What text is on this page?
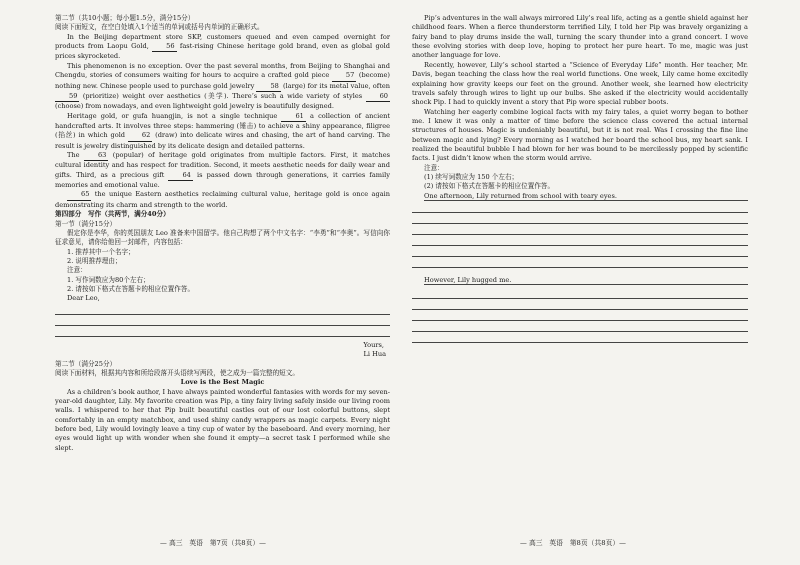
第二节（共10小题；每小题1.5分，满分15分）

阅读下面短文，在空白处填入1个适当的单词或括号内单词的正确形式。

In the Beijing department store SKP, customers queued and even camped overnight for products from Laopu Gold, 56 fast-rising Chinese heritage gold brand, even as global gold prices skyrocketed.

This phenomenon is no exception. Over the past several months, from Beijing to Shanghai and Chengdu, stories of consumers waiting for hours to acquire a crafted gold piece 57 (become) nothing new. Chinese people used to purchase gold jewelry 58 (large) for its metal value, often 59 (prioritize) weight over aesthetics (美学). There’s such a wide variety of styles 60 (choose) from nowadays, and even lightweight gold jewelry is beautifully designed.

Heritage gold, or gufa huangjin, is not a single technique 61 a collection of ancient handcrafted arts. It involves three steps: hammering (锤击) to achieve a shiny appearance, filigree (掐丝) in which gold 62 (draw) into delicate wires and chasing, the art of hand carving. The result is jewelry distinguished by its delicate design and detailed patterns.

The 63 (popular) of heritage gold originates from multiple factors. First, it matches cultural identity and has respect for tradition. Second, it meets aesthetic needs for daily wear and gifts. Third, as a precious gift 64 is passed down through generations, it carries family memories and emotional value.

65 the unique Eastern aesthetics reclaiming cultural value, heritage gold is once again demonstrating its charm and strength to the world.

第四部分　写作（共两节，满分40分）

第一节（满分15分）

假定你是李华，你的英国朋友 Leo 准备来中国留学。他自己构想了两个中文名字：“李勇”和“李奥”。写信向你征求意见，请你给他回一封邮件，内容包括：

1. 推荐其中一个名字；

2. 说明推荐理由；

注意：

1. 写作词数应为80个左右；

2. 请按如下格式在答题卡的相应位置作答。

Dear Leo,

Yours,

Li Hua

第二节（满分25分）

阅读下面材料，根据其内容和所给段落开头语续写两段，使之成为一篇完整的短文。

Love is the Best Magic

As a children’s book author, I have always painted wonderful fantasies with words for my seven-year-old daughter, Lily. My favorite creation was Pip, a tiny fairy living safely inside our living room walls. I whispered to her that Pip built beautiful castles out of our lost colorful buttons, slept comfortably in an empty matchbox, and used shiny candy wrappers as magic carpets. Every night before bed, Lily would lovingly leave a tiny cup of water by the baseboard. And every morning, her eyes would light up with wonder when she found it empty—a secret task I performed while she slept.

Pip’s adventures in the wall always mirrored Lily’s real life, acting as a gentle shield against her childhood fears. When a fierce thunderstorm terrified Lily, I told her Pip was bravely organizing a fairy band to play drums inside the wall, turning the scary thunder into a grand concert. I wove these evolving stories with deep love, hoping to protect her pure heart. To me, magic was just another language for love.

Recently, however, Lily’s school started a “Science of Everyday Life” month. Her teacher, Mr. Davis, began teaching the class how the real world functions. One week, Lily came home excitedly explaining how gravity keeps our feet on the ground. Another week, she learned how electricity travels safely through wires to light up our bulbs. She asked if the electricity would accidentally shock Pip. I had to quickly invent a story that Pip wore special rubber boots.

Watching her eagerly combine logical facts with my fairy tales, a quiet worry began to bother me. I knew it was only a matter of time before the science class covered the actual internal structures of houses. Magic is undeniably beautiful, but it is not real. Was I crossing the fine line between magic and lying? Every morning as I watched her board the school bus, my heart sank. I realized the beautiful bubble I had blown for her was bound to be mercilessly popped by scientific facts. I just didn’t know when the storm would arrive.

注意：

(1) 续写词数应为 150 个左右；

(2) 请按如下格式在答题卡的相应位置作答。

One afternoon, Lily returned from school with teary eyes.
However, Lily hugged me.
— 高三　英语　第7页（共8页）—	— 高三　英语　第8页（共8页）—
